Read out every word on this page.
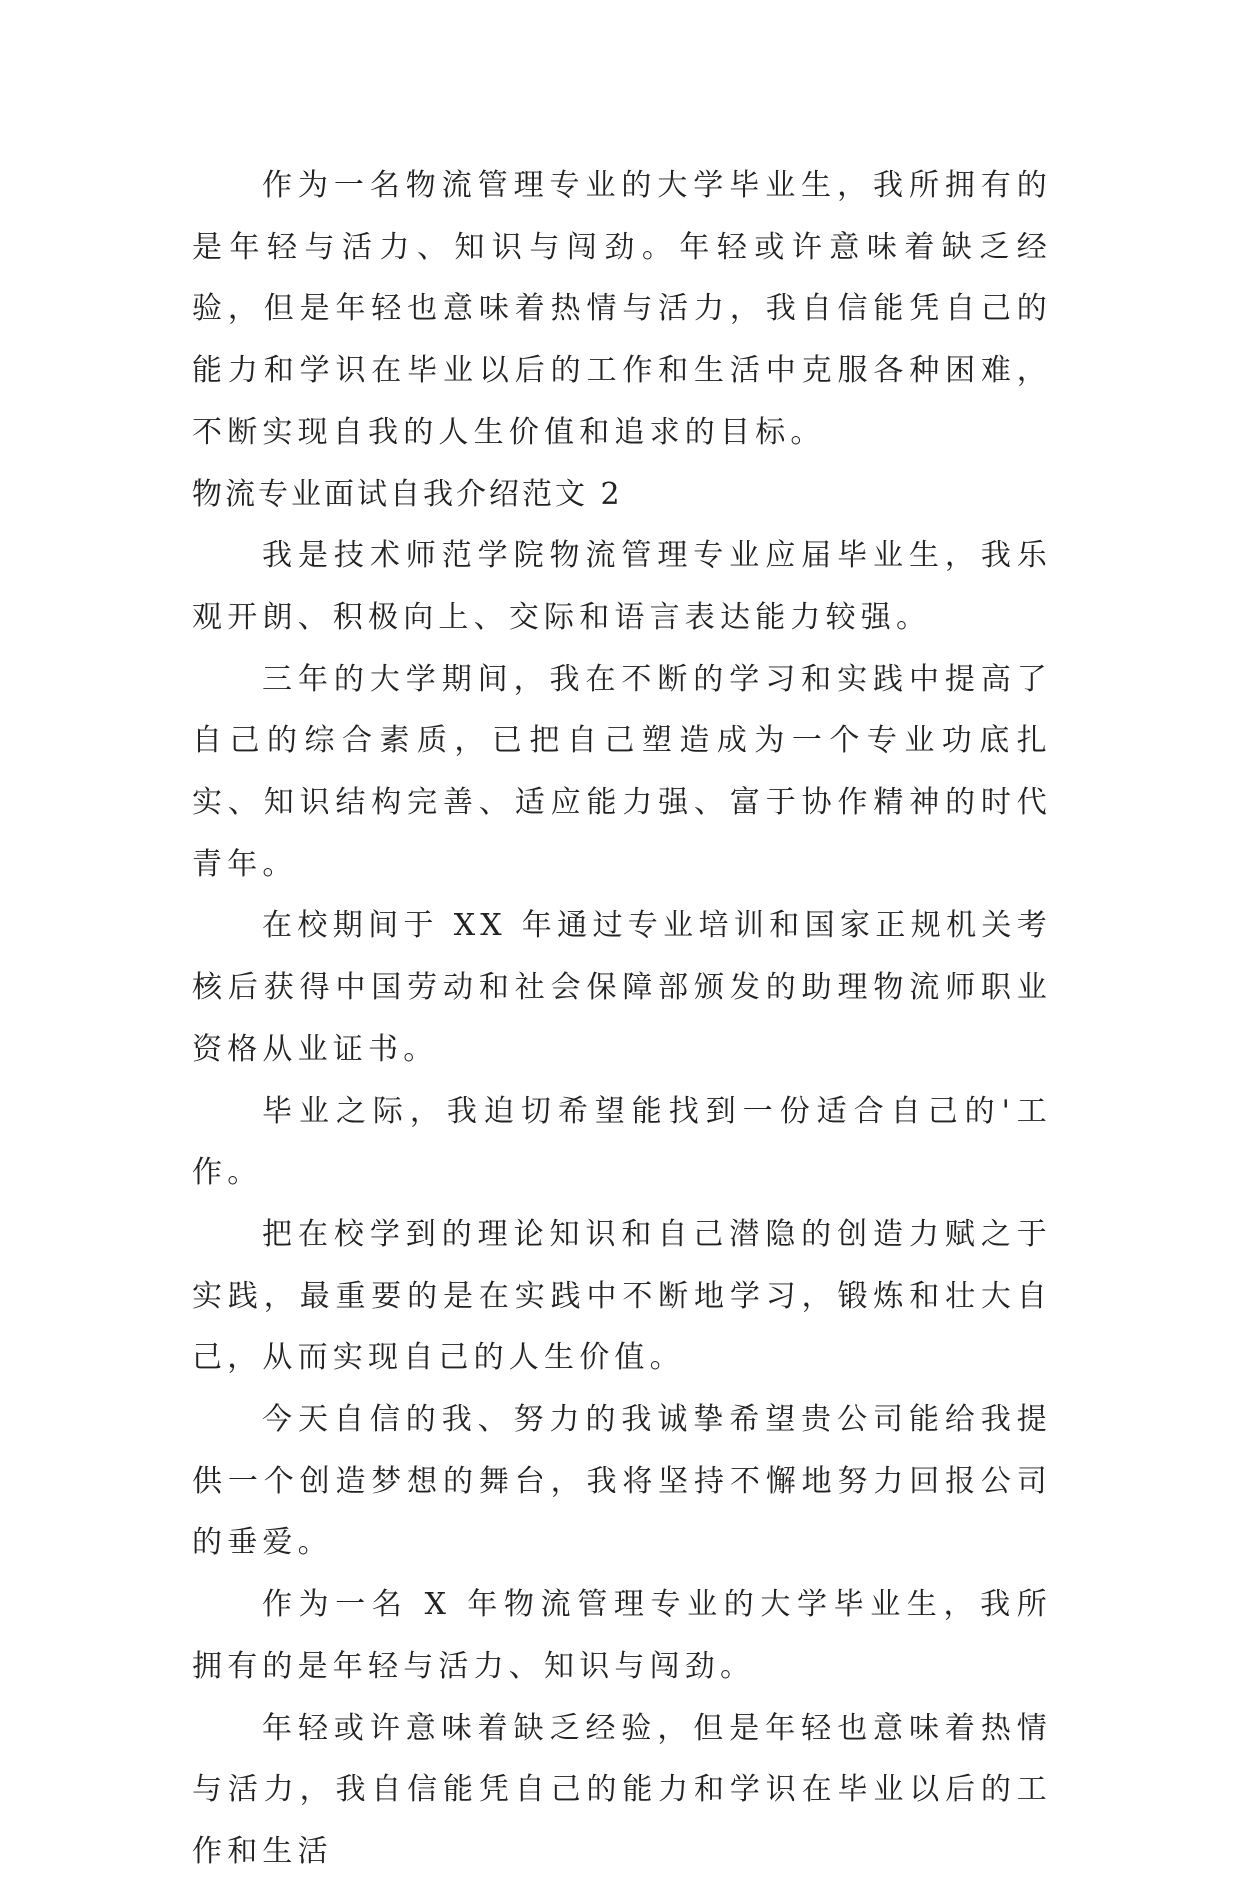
作为一名物流管理专业的大学毕业生，我所拥有的是年轻与活力、知识与闯劲。年轻或许意味着缺乏经验，但是年轻也意味着热情与活力，我自信能凭自己的能力和学识在毕业以后的工作和生活中克服各种困难，不断实现自我的人生价值和追求的目标。

物流专业面试自我介绍范文 2

我是技术师范学院物流管理专业应届毕业生，我乐观开朗、积极向上、交际和语言表达能力较强。

三年的大学期间，我在不断的学习和实践中提高了自己的综合素质，已把自己塑造成为一个专业功底扎实、知识结构完善、适应能力强、富于协作精神的时代青年。

在校期间于 XX 年通过专业培训和国家正规机关考核后获得中国劳动和社会保障部颁发的助理物流师职业资格从业证书。

毕业之际，我迫切希望能找到一份适合自己的'工作。

把在校学到的理论知识和自己潜隐的创造力赋之于实践，最重要的是在实践中不断地学习，锻炼和壮大自己，从而实现自己的人生价值。

今天自信的我、努力的我诚挚希望贵公司能给我提供一个创造梦想的舞台，我将坚持不懈地努力回报公司的垂爱。

作为一名 X 年物流管理专业的大学毕业生，我所拥有的是年轻与活力、知识与闯劲。

年轻或许意味着缺乏经验，但是年轻也意味着热情与活力，我自信能凭自己的能力和学识在毕业以后的工作和生活
